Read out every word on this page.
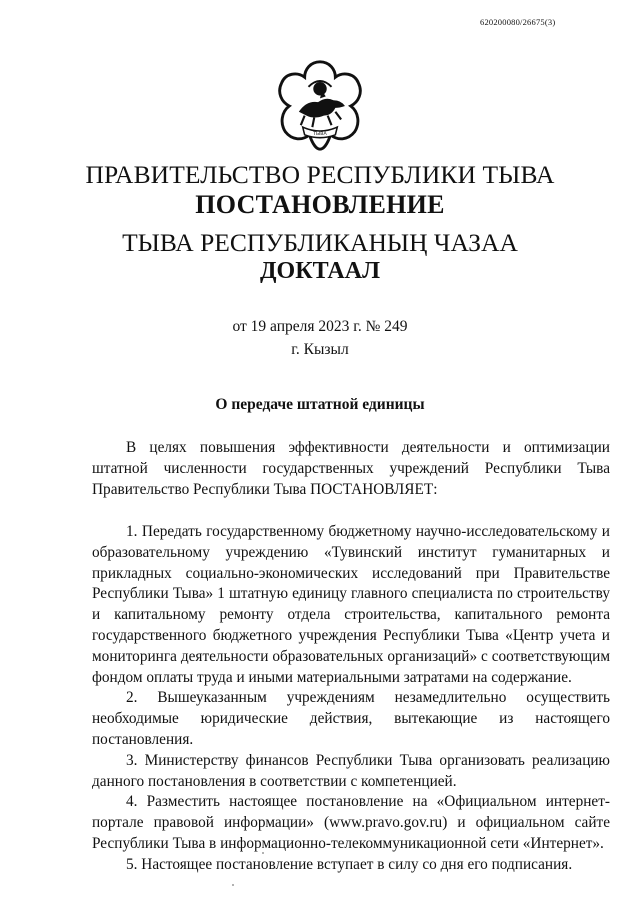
620200080/26675(3)
ТЫВА
ПРАВИТЕЛЬСТВО РЕСПУБЛИКИ ТЫВА
ПОСТАНОВЛЕНИЕ
ТЫВА РЕСПУБЛИКАНЫҢ ЧАЗАА
ДОКТААЛ
от 19 апреля 2023 г. № 249
г. Кызыл
О передаче штатной единицы

В целях повышения эффективности деятельности и оптимизации штатной численности государственных учреждений Республики Тыва Правительство Республики Тыва ПОСТАНОВЛЯЕТ:

1. Передать государственному бюджетному научно-исследовательскому и образовательному учреждению «Тувинский институт гуманитарных и прикладных социально-экономических исследований при Правительстве Республики Тыва» 1 штатную единицу главного специалиста по строительству и капитальному ремонту отдела строительства, капитального ремонта государственного бюджетного учреждения Республики Тыва «Центр учета и мониторинга деятельности образовательных организаций» с соответствующим фондом оплаты труда и иными материальными затратами на содержание.

2. Вышеуказанным учреждениям незамедлительно осуществить необходимые юридические действия, вытекающие из настоящего постановления.

3. Министерству финансов Республики Тыва организовать реализацию данного постановления в соответствии с компетенцией.

4. Разместить настоящее постановление на «Официальном интернет-портале правовой информации» (www.pravo.gov.ru) и официальном сайте Республики Тыва в информационно-телекоммуникационной сети «Интернет».

5. Настоящее постановление вступает в силу со дня его подписания.
